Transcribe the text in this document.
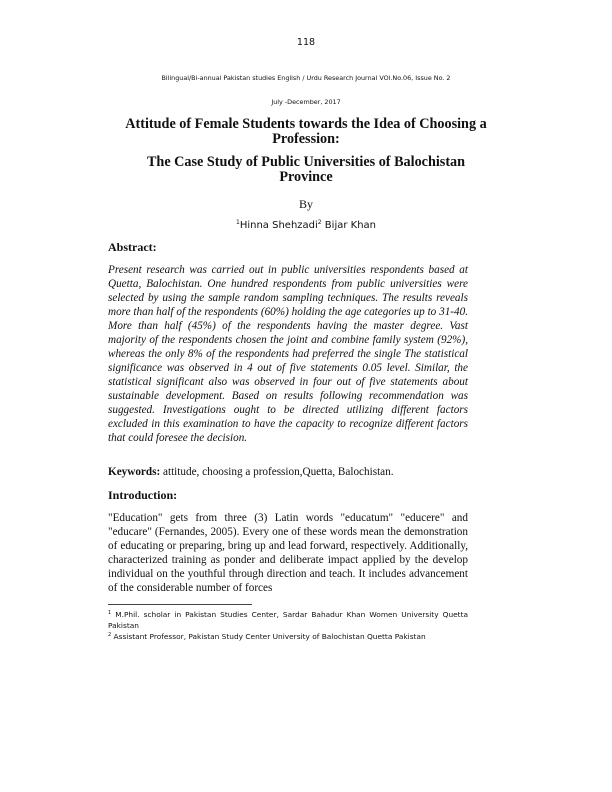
118
Bilingual/Bi-annual Pakistan studies English / Urdu Research Journal VOl.No.06, Issue No. 2
July -December, 2017
Attitude of Female Students towards the Idea of Choosing a Profession:
The Case Study of Public Universities of Balochistan Province
By
$^1$Hinna Shehzadi$^2$ Bijar Khan
Abstract:
Present research was carried out in public universities respondents based at Quetta, Balochistan. One hundred respondents from public universities were selected by using the sample random sampling techniques. The results reveals more than half of the respondents (60%) holding the age categories up to 31-40. More than half (45%) of the respondents having the master degree. Vast majority of the respondents chosen the joint and combine family system (92%), whereas the only 8% of the respondents had preferred the single The statistical significance was observed in 4 out of five statements 0.05 level. Similar, the statistical significant also was observed in four out of five statements about sustainable development. Based on results following recommendation was suggested. Investigations ought to be directed utilizing different factors excluded in this examination to have the capacity to recognize different factors that could foresee the decision.
Keywords: attitude, choosing a profession,Quetta, Balochistan.
Introduction:
"Education" gets from three (3) Latin words "educatum" "educere" and "educare" (Fernandes, 2005). Every one of these words mean the demonstration of educating or preparing, bring up and lead forward, respectively. Additionally, characterized training as ponder and deliberate impact applied by the develop individual on the youthful through direction and teach. It includes advancement of the considerable number of forces

$^1$ M.Phil. scholar in Pakistan Studies Center, Sardar Bahadur Khan Women University Quetta Pakistan

$^2$ Assistant Professor, Pakistan Study Center University of Balochistan Quetta Pakistan
